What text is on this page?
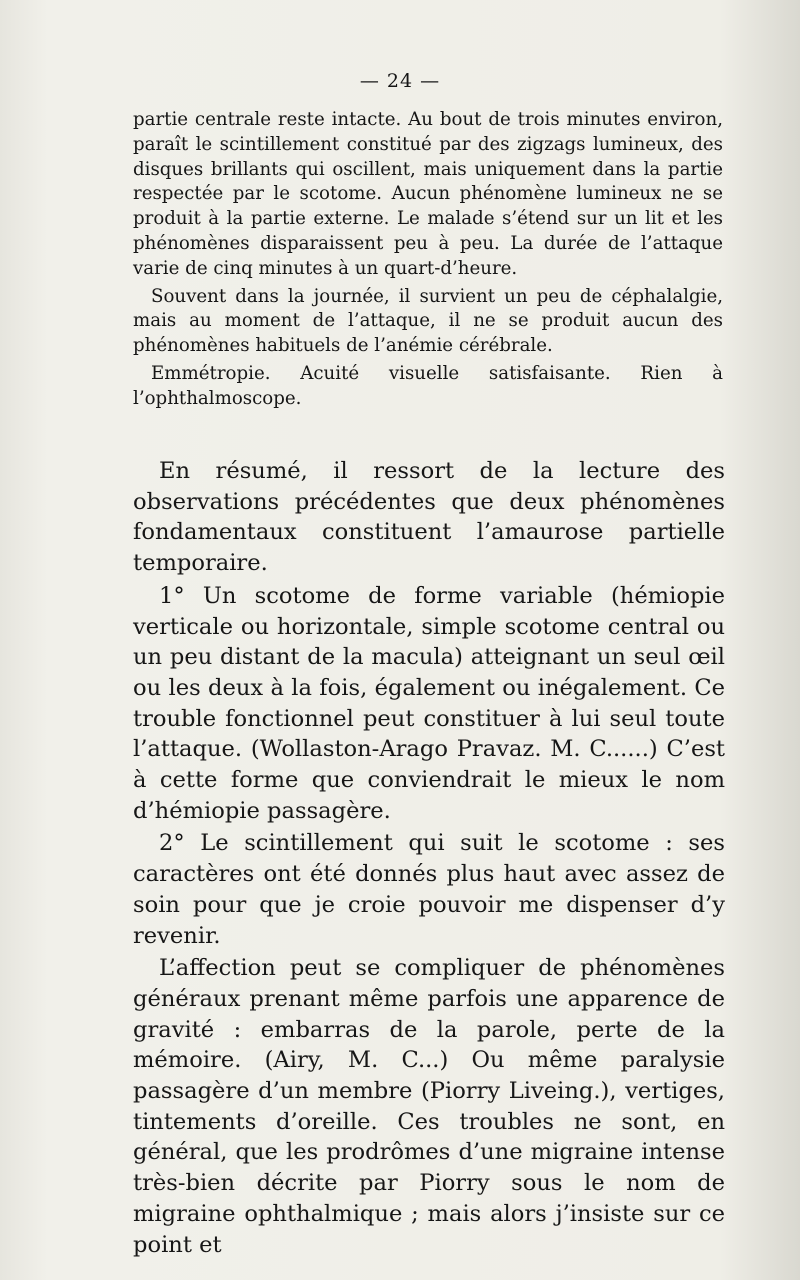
— 24 —

partie centrale reste intacte. Au bout de trois minutes environ, paraît le scintillement constitué par des zigzags lumineux, des disques brillants qui oscillent, mais uniquement dans la partie respectée par le scotome. Aucun phénomène lumineux ne se produit à la partie externe. Le malade s’étend sur un lit et les phénomènes disparaissent peu à peu. La durée de l’attaque varie de cinq minutes à un quart-d’heure.

Souvent dans la journée, il survient un peu de céphalalgie, mais au moment de l’attaque, il ne se produit aucun des phénomènes habituels de l’anémie cérébrale.

Emmétropie. Acuité visuelle satisfaisante. Rien à l’ophthalmoscope.

En résumé, il ressort de la lecture des observations précédentes que deux phénomènes fondamentaux constituent l’amaurose partielle temporaire.

1° Un scotome de forme variable (hémiopie verticale ou horizontale, simple scotome central ou un peu distant de la macula) atteignant un seul œil ou les deux à la fois, également ou inégalement. Ce trouble fonctionnel peut constituer à lui seul toute l’attaque. (Wollaston-Arago Pravaz. M. C......) C’est à cette forme que conviendrait le mieux le nom d’hémiopie passagère.

2° Le scintillement qui suit le scotome : ses caractères ont été donnés plus haut avec assez de soin pour que je croie pouvoir me dispenser d’y revenir.

L’affection peut se compliquer de phénomènes généraux prenant même parfois une apparence de gravité : embarras de la parole, perte de la mémoire. (Airy, M. C...) Ou même paralysie passagère d’un membre (Piorry Liveing.), vertiges, tintements d’oreille. Ces troubles ne sont, en général, que les prodrômes d’une migraine intense très-bien décrite par Piorry sous le nom de migraine ophthalmique ; mais alors j’insiste sur ce point et
